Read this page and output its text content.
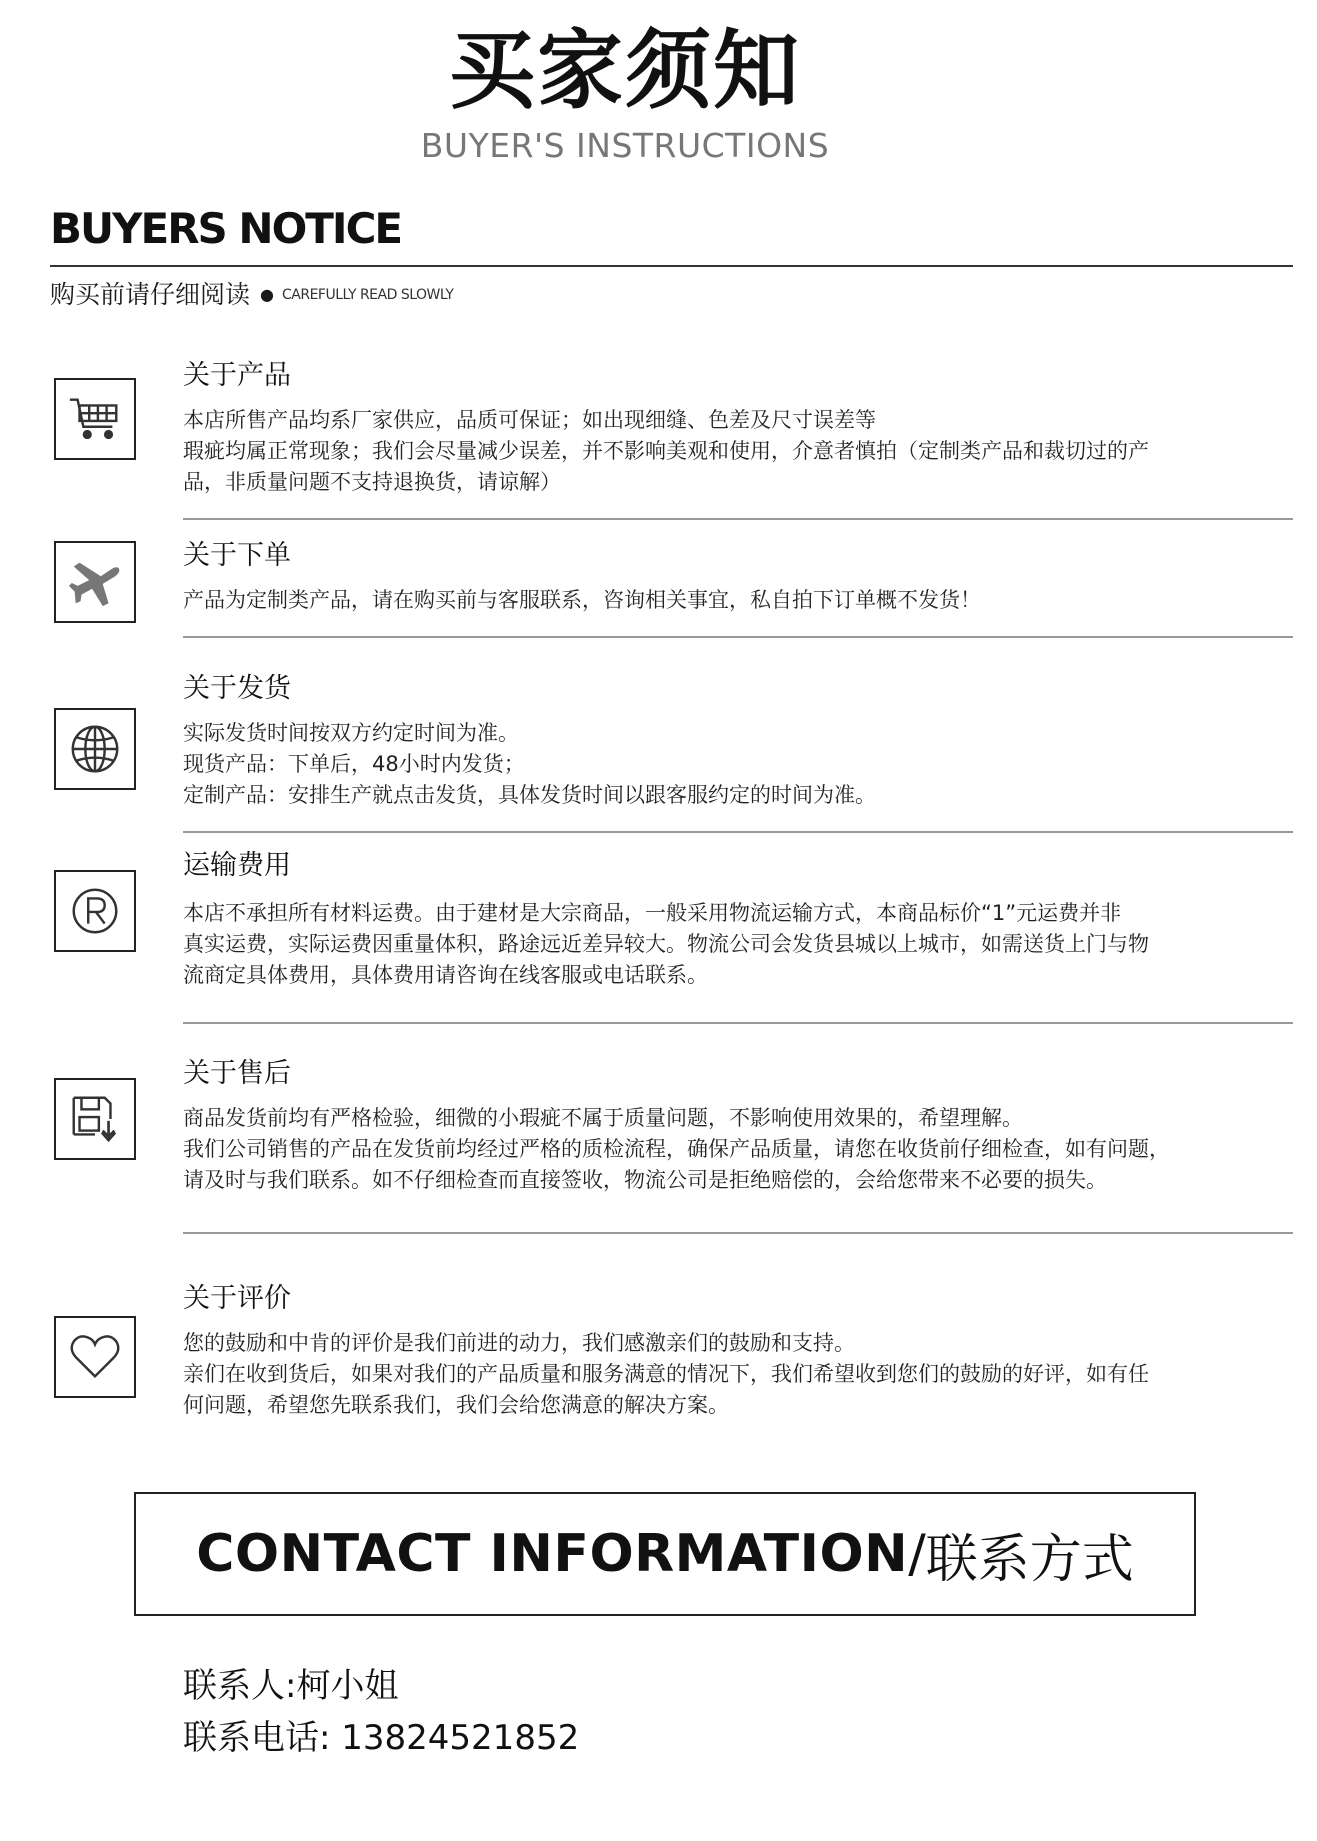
买家须知
BUYER'S INSTRUCTIONS
BUYERS NOTICE
购买前请仔细阅读 ● CAREFULLY READ SLOWLY
关于产品
本店所售产品均系厂家供应，品质可保证；如出现细缝、色差及尺寸误差等
瑕疵均属正常现象；我们会尽量减少误差，并不影响美观和使用，介意者慎拍（定制类产品和裁切过的产
品，非质量问题不支持退换货，请谅解）
关于下单
产品为定制类产品，请在购买前与客服联系，咨询相关事宜，私自拍下订单概不发货！
关于发货
实际发货时间按双方约定时间为准。
现货产品：下单后，48小时内发货；
定制产品：安排生产就点击发货，具体发货时间以跟客服约定的时间为准。
运输费用
本店不承担所有材料运费。由于建材是大宗商品，一般采用物流运输方式，本商品标价“1”元运费并非
真实运费，实际运费因重量体积，路途远近差异较大。物流公司会发货县城以上城市，如需送货上门与物
流商定具体费用，具体费用请咨询在线客服或电话联系。
关于售后
商品发货前均有严格检验，细微的小瑕疵不属于质量问题，不影响使用效果的，希望理解。
我们公司销售的产品在发货前均经过严格的质检流程，确保产品质量，请您在收货前仔细检查，如有问题，
请及时与我们联系。如不仔细检查而直接签收，物流公司是拒绝赔偿的，会给您带来不必要的损失。
关于评价
您的鼓励和中肯的评价是我们前进的动力，我们感激亲们的鼓励和支持。
亲们在收到货后，如果对我们的产品质量和服务满意的情况下，我们希望收到您们的鼓励的好评，如有任
何问题，希望您先联系我们，我们会给您满意的解决方案。
CONTACT INFORMATION / 联系方式
联系人:柯小姐
联系电话: 13824521852
